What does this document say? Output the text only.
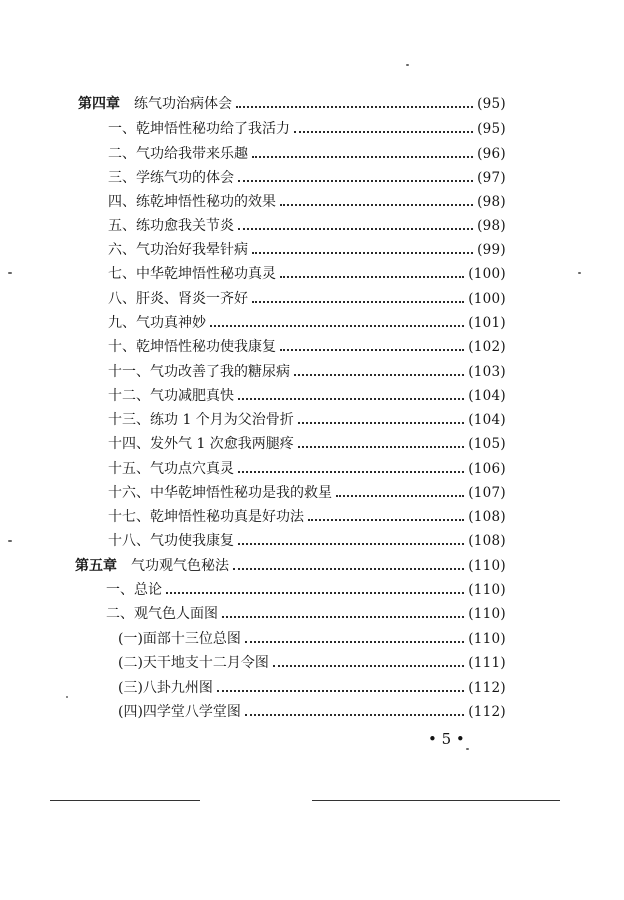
第四章 练气功治病体会	(95)
一、乾坤悟性秘功给了我活力	(95)
二、气功给我带来乐趣	(96)
三、学练气功的体会	(97)
四、练乾坤悟性秘功的效果	(98)
五、练功愈我关节炎	(98)
六、气功治好我晕针病	(99)
七、中华乾坤悟性秘功真灵	(100)
八、肝炎、肾炎一齐好	(100)
九、气功真神妙	(101)
十、乾坤悟性秘功使我康复	(102)
十一、气功改善了我的糖尿病	(103)
十二、气功减肥真快	(104)
十三、练功 1 个月为父治骨折	(104)
十四、发外气 1 次愈我两腿疼	(105)
十五、气功点穴真灵	(106)
十六、中华乾坤悟性秘功是我的救星	(107)
十七、乾坤悟性秘功真是好功法	(108)
十八、气功使我康复	(108)
第五章 气功观气色秘法	(110)
一、总论	(110)
二、观气色人面图	(110)
(一)面部十三位总图	(110)
(二)天干地支十二月令图	(111)
(三)八卦九州图	(112)
(四)四学堂八学堂图	(112)
• 5 •
